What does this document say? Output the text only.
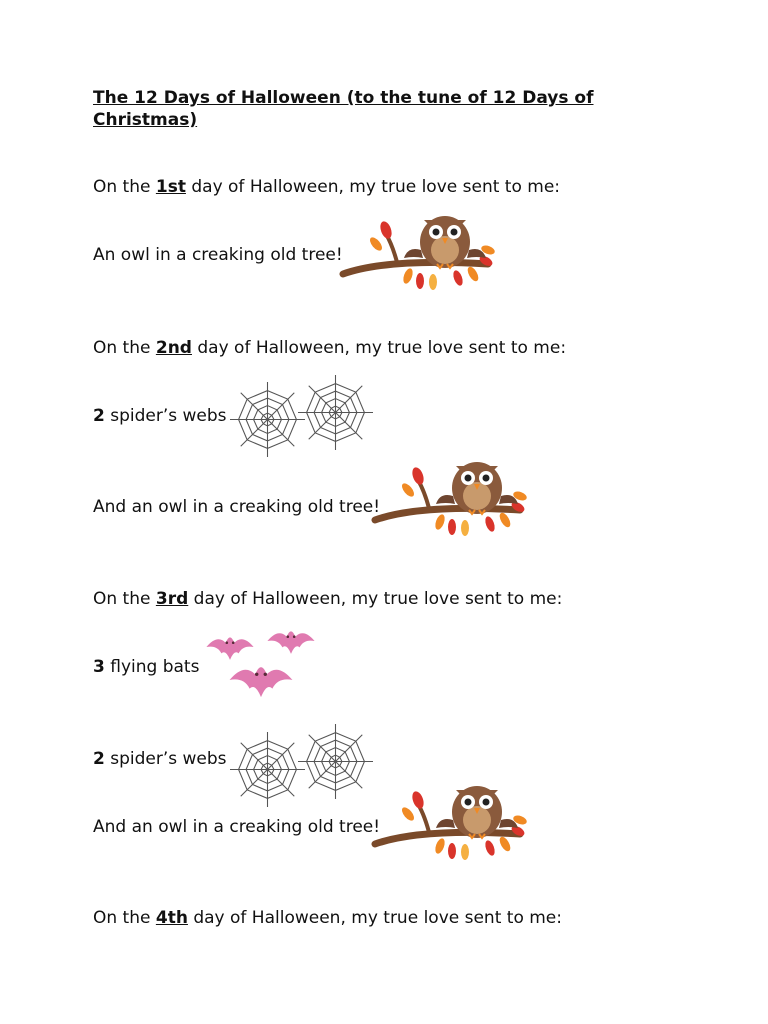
The 12 Days of Halloween (to the tune of 12 Days of Christmas)
On the 1st day of Halloween, my true love sent to me:
An owl in a creaking old tree!
On the 2nd day of Halloween, my true love sent to me:
2 spider’s webs
And an owl in a creaking old tree!
On the 3rd day of Halloween, my true love sent to me:
3 flying bats
2 spider’s webs
And an owl in a creaking old tree!
On the 4th day of Halloween, my true love sent to me:
